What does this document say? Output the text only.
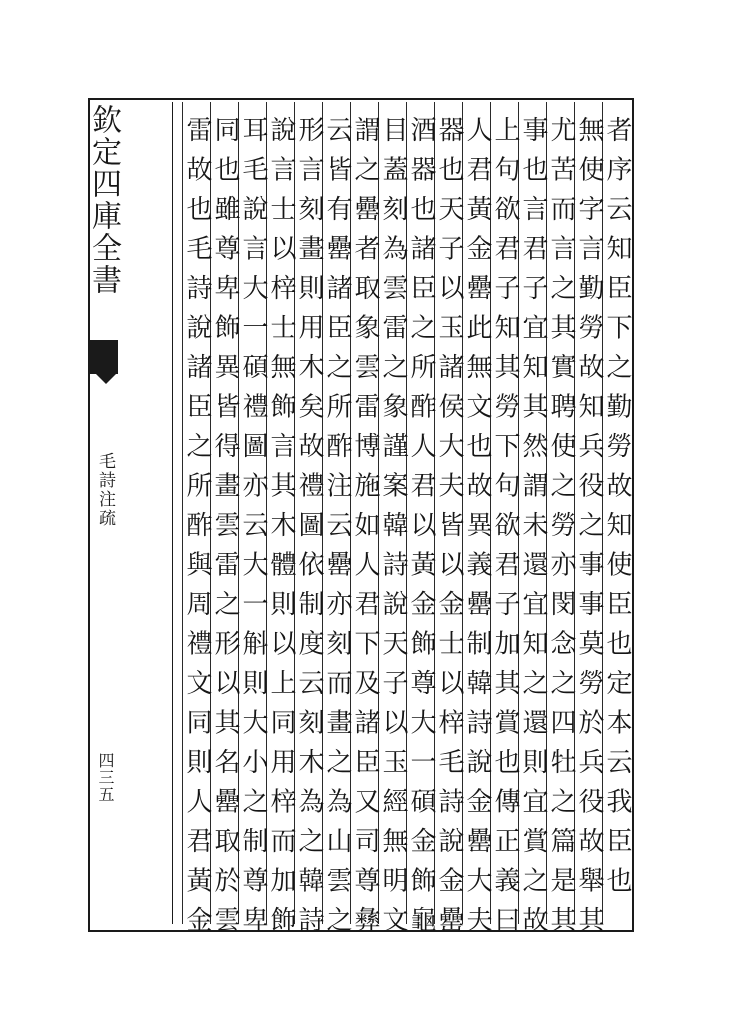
欽定四庫全書
毛詩注疏
四三五	者序云知臣下之勤勞故知使臣也定本云我臣也
無使字言勤勞故知兵役之事事莫勞於兵役故舉其
尤苦而言之其實聘使之勞亦閔念之四牡之篇是其
事也言君子宜知其然謂未還宜知之還則宜賞之故
上句欲君子知其勞下句欲君子加其賞也傳正義曰
人君黃金罍此無文也故異義罍制韓詩說金罍大夫
器也天子以玉諸侯大夫皆以金士以梓毛詩說金罍
酒器也諸臣之所酢人君以黃金飾尊大一碩金飾龜
目蓋刻為雲雷之象謹案韓詩說天子以玉經無明文
謂之罍者取象雲雷博施如人君下及諸臣又司尊彝
云皆有罍諸臣之所酢注云罍亦刻而畫之為山雲之
形言刻畫則用木矣故禮圖依制度云刻木為之韓詩
說言士以梓士無飾言其木體則以上同用梓而加飾
耳毛說言大一碩禮圖亦云大一斛則大小之制尊卑
同也雖尊卑飾異皆得畫雲雷之形以其名罍取於雲
雷故也毛詩說諸臣之所酢與周禮文同則人君黃金
